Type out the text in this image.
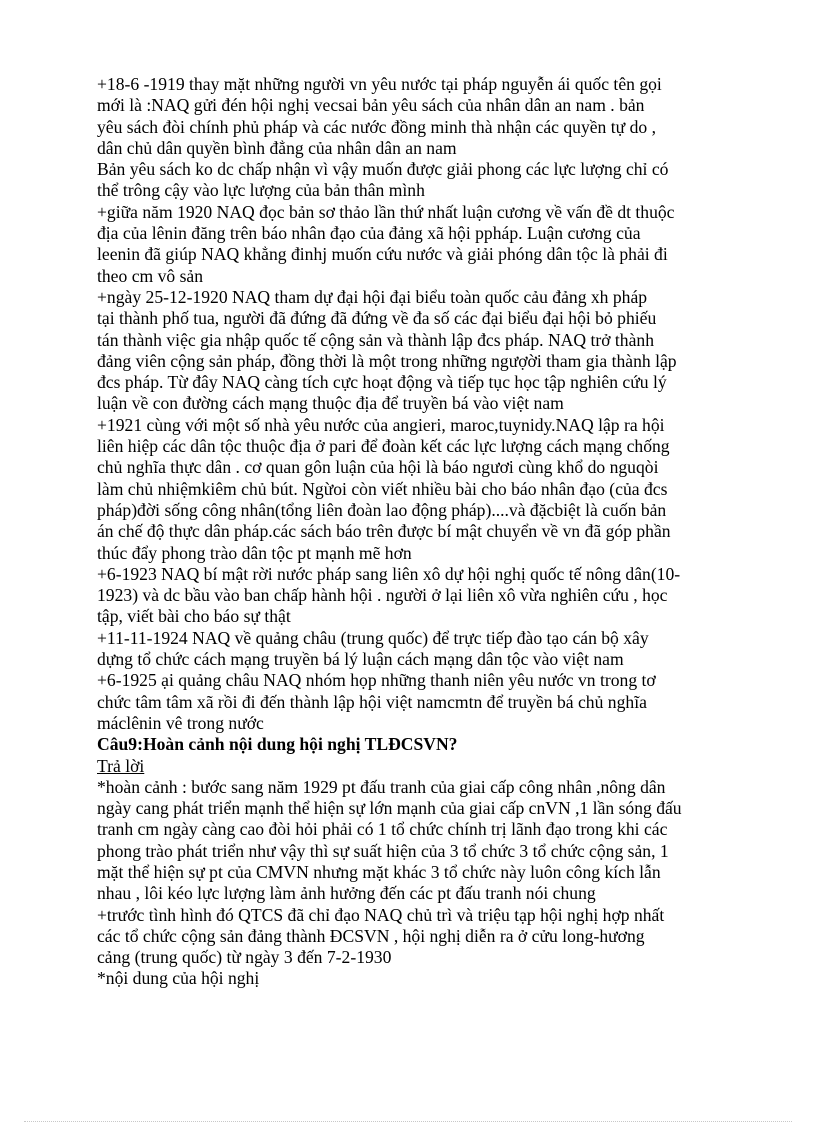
+18-6 -1919 thay mặt những người vn yêu nước tại pháp nguyễn ái quốc tên gọi

mới là :NAQ gửi đén hội nghị vecsai bản yêu sách của nhân dân an nam . bản

yêu sách đòi chính phủ pháp và các nước đồng minh thà nhận các quyền tự do ,

dân chủ dân quyền bình đẳng của nhân dân an nam

Bản yêu sách ko dc chấp nhận vì vậy muốn được giải phong các lực lượng chỉ có

thể trông cậy vào lực lượng của bản thân mình

+giữa năm 1920 NAQ đọc bản sơ thảo lần thứ nhất luận cương về vấn đề dt thuộc

địa của lênin đăng trên báo nhân đạo của đảng xã hội ppháp. Luận cương của

leenin đã giúp NAQ khẳng đinhj muốn cứu nước và giải phóng dân tộc là phải đi

theo cm vô sản

+ngày 25-12-1920 NAQ tham dự đại hội đại biểu toàn quốc cảu đảng xh pháp

tại thành phố tua, người đã đứng đã đứng về đa số các đại biểu đại hội bỏ phiếu

tán thành việc gia nhập quốc tế cộng sản và thành lập đcs pháp. NAQ trở thành

đảng viên cộng sản pháp, đồng thời là một trong những ngượời tham gia thành lập

đcs pháp. Từ đây NAQ càng tích cực hoạt động và tiếp tục học tập nghiên cứu lý

luận về con đường cách mạng thuộc địa để truyền bá vào việt nam

+1921 cùng với một số nhà yêu nước của angieri, maroc,tuynidy.NAQ lập ra hội

liên hiệp các dân tộc thuộc địa ở pari để đoàn kết các lực lượng cách mạng chống

chủ nghĩa thực dân . cơ quan gôn luận của hội là báo ngươi cùng khổ do nguqòi

làm chủ nhiệmkiêm chủ bút. Ngừoi còn viết nhiều bài cho báo nhân đạo (của đcs

pháp)đời sống công nhân(tổng liên đoàn lao động pháp)....và đặcbiệt là cuốn bản

án chế độ thực dân pháp.các sách báo trên được bí mật chuyển về vn đã góp phần

thúc đẩy phong trào dân tộc pt mạnh mẽ hơn

+6-1923 NAQ bí mật rời nước pháp sang liên xô dự hội nghị quốc tế nông dân(10-

1923) và dc bầu vào ban chấp hành hội . người ở lại liên xô vừa nghiên cứu , học

tập, viết bài cho báo sự thật

+11-11-1924 NAQ về quảng châu (trung quốc) để trực tiếp đào tạo cán bộ xây

dựng tổ chức cách mạng truyền bá lý luận cách mạng dân tộc vào việt nam

+6-1925 ại quảng châu NAQ nhóm họp những thanh niên yêu nước vn trong tơ

chức tâm tâm xã rồi đi đến thành lập hội việt namcmtn để truyền bá chủ nghĩa

máclênin vê trong nước

Câu9:Hoàn cảnh nội dung hội nghị TLĐCSVN?

Trả lời

*hoàn cảnh : bước sang năm 1929 pt đấu tranh của giai cấp công nhân ,nông dân

ngày cang phát triển mạnh thể hiện sự lớn mạnh của giai cấp cnVN ,1 lần sóng đấu

tranh cm ngày càng cao đòi hỏi phải có 1 tổ chức chính trị lãnh đạo trong khi các

phong trào phát triển như vậy thì sự suất hiện của 3 tổ chức 3 tổ chức cộng sản, 1

mặt thể hiện sự pt của CMVN nhưng mặt khác 3 tổ chức này luôn công kích lẫn

nhau , lôi kéo lực lượng làm ảnh hưởng đến các pt đấu tranh nói chung

+trước tình hình đó QTCS đã chỉ đạo NAQ chủ trì và triệu tạp hội nghị hợp nhất

các tổ chức cộng sản đảng thành ĐCSVN , hội nghị diễn ra ở cửu long-hương

cảng (trung quốc) từ ngày 3 đến 7-2-1930

*nội dung của hội nghị
